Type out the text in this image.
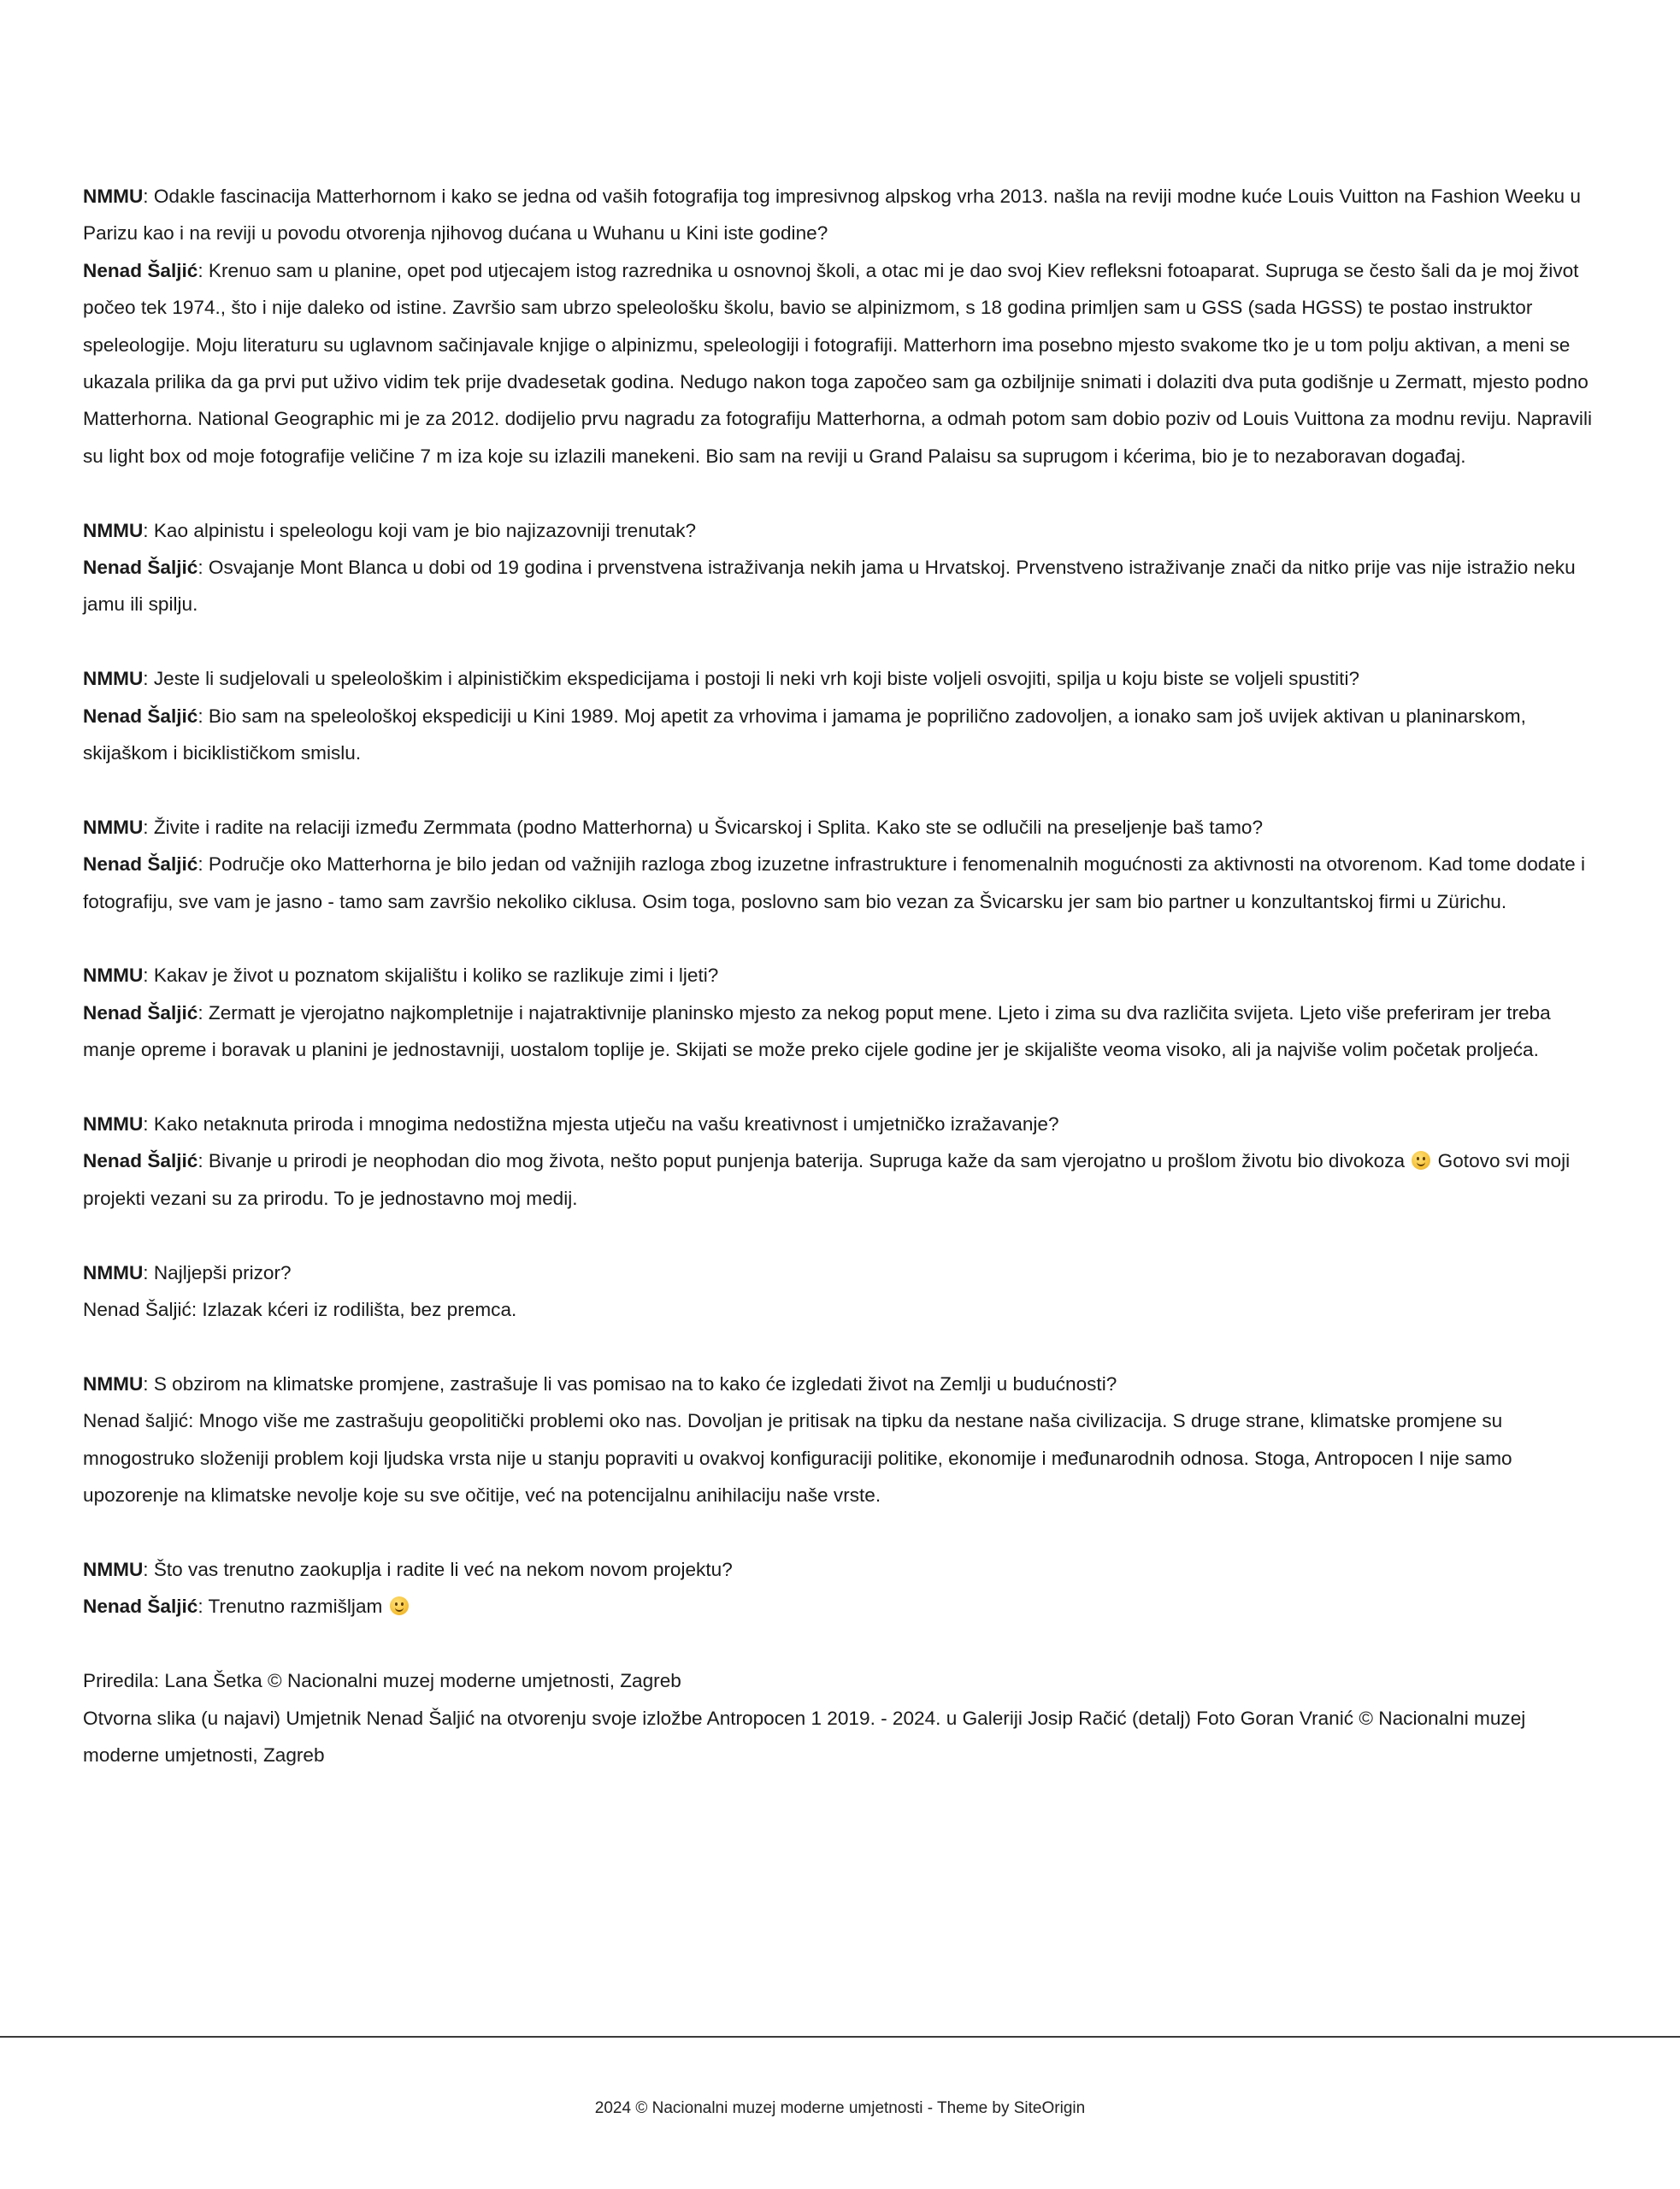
NMMU: Odakle fascinacija Matterhornom i kako se jedna od vaših fotografija tog impresivnog alpskog vrha 2013. našla na reviji modne kuće Louis Vuitton na Fashion Weeku u Parizu kao i na reviji u povodu otvorenja njihovog dućana u Wuhanu u Kini iste godine?
Nenad Šaljić: Krenuo sam u planine, opet pod utjecajem istog razrednika u osnovnoj školi, a otac mi je dao svoj Kiev refleksni fotoaparat. Supruga se često šali da je moj život počeo tek 1974., što i nije daleko od istine. Završio sam ubrzo speleološku školu, bavio se alpinizmom, s 18 godina primljen sam u GSS (sada HGSS) te postao instruktor speleologije. Moju literaturu su uglavnom sačinjavale knjige o alpinizmu, speleologiji i fotografiji. Matterhorn ima posebno mjesto svakome tko je u tom polju aktivan, a meni se ukazala prilika da ga prvi put uživo vidim tek prije dvadesetak godina. Nedugo nakon toga započeo sam ga ozbiljnije snimati i dolaziti dva puta godišnje u Zermatt, mjesto podno Matterhorna. National Geographic mi je za 2012. dodijelio prvu nagradu za fotografiju Matterhorna, a odmah potom sam dobio poziv od Louis Vuittona za modnu reviju. Napravili su light box od moje fotografije veličine 7 m iza koje su izlazili manekeni. Bio sam na reviji u Grand Palaisu sa suprugom i kćerima, bio je to nezaboravan događaj.
NMMU: Kao alpinistu i speleologu koji vam je bio najizazovniji trenutak?
Nenad Šaljić: Osvajanje Mont Blanca u dobi od 19 godina i prvenstvena istraživanja nekih jama u Hrvatskoj. Prvenstveno istraživanje znači da nitko prije vas nije istražio neku jamu ili spilju.
NMMU: Jeste li sudjelovali u speleološkim i alpinističkim ekspedicijama i postoji li neki vrh koji biste voljeli osvojiti, spilja u koju biste se voljeli spustiti?
Nenad Šaljić: Bio sam na speleološkoj ekspediciji u Kini 1989. Moj apetit za vrhovima i jamama je poprilično zadovoljen, a ionako sam još uvijek aktivan u planinarskom, skijaškom i biciklističkom smislu.
NMMU: Živite i radite na relaciji između Zermmata (podno Matterhorna) u Švicarskoj i Splita. Kako ste se odlučili na preseljenje baš tamo?
Nenad Šaljić: Područje oko Matterhorna je bilo jedan od važnijih razloga zbog izuzetne infrastrukture i fenomenalnih mogućnosti za aktivnosti na otvorenom. Kad tome dodate i fotografiju, sve vam je jasno - tamo sam završio nekoliko ciklusa. Osim toga, poslovno sam bio vezan za Švicarsku jer sam bio partner u konzultantskoj firmi u Zürichu.
NMMU: Kakav je život u poznatom skijalištu i koliko se razlikuje zimi i ljeti?
Nenad Šaljić: Zermatt je vjerojatno najkompletnije i najatraktivnije planinsko mjesto za nekog poput mene. Ljeto i zima su dva različita svijeta. Ljeto više preferiram jer treba manje opreme i boravak u planini je jednostavniji, uostalom toplije je. Skijati se može preko cijele godine jer je skijalište veoma visoko, ali ja najviše volim početak proljeća.
NMMU: Kako netaknuta priroda i mnogima nedostižna mjesta utječu na vašu kreativnost i umjetničko izražavanje?
Nenad Šaljić: Bivanje u prirodi je neophodan dio mog života, nešto poput punjenja baterija. Supruga kaže da sam vjerojatno u prošlom životu bio divokoza  Gotovo svi moji projekti vezani su za prirodu. To je jednostavno moj medij.
NMMU: Najljepši prizor?
Nenad Šaljić: Izlazak kćeri iz rodilišta, bez premca.
NMMU: S obzirom na klimatske promjene, zastrašuje li vas pomisao na to kako će izgledati život na Zemlji u budućnosti?
Nenad šaljić: Mnogo više me zastrašuju geopolitički problemi oko nas. Dovoljan je pritisak na tipku da nestane naša civilizacija. S druge strane, klimatske promjene su mnogostruko složeniji problem koji ljudska vrsta nije u stanju popraviti u ovakvoj konfiguraciji politike, ekonomije i međunarodnih odnosa. Stoga, Antropocen I nije samo upozorenje na klimatske nevolje koje su sve očitije, već na potencijalnu anihilaciju naše vrste.
NMMU: Što vas trenutno zaokuplja i radite li već na nekom novom projektu?
Nenad Šaljić: Trenutno razmišljam
Priredila: Lana Šetka © Nacionalni muzej moderne umjetnosti, Zagreb
Otvorna slika (u najavi) Umjetnik Nenad Šaljić na otvorenju svoje izložbe Antropocen 1 2019. - 2024. u Galeriji Josip Račić (detalj) Foto Goran Vranić © Nacionalni muzej moderne umjetnosti, Zagreb
2024 © Nacionalni muzej moderne umjetnosti - Theme by SiteOrigin
